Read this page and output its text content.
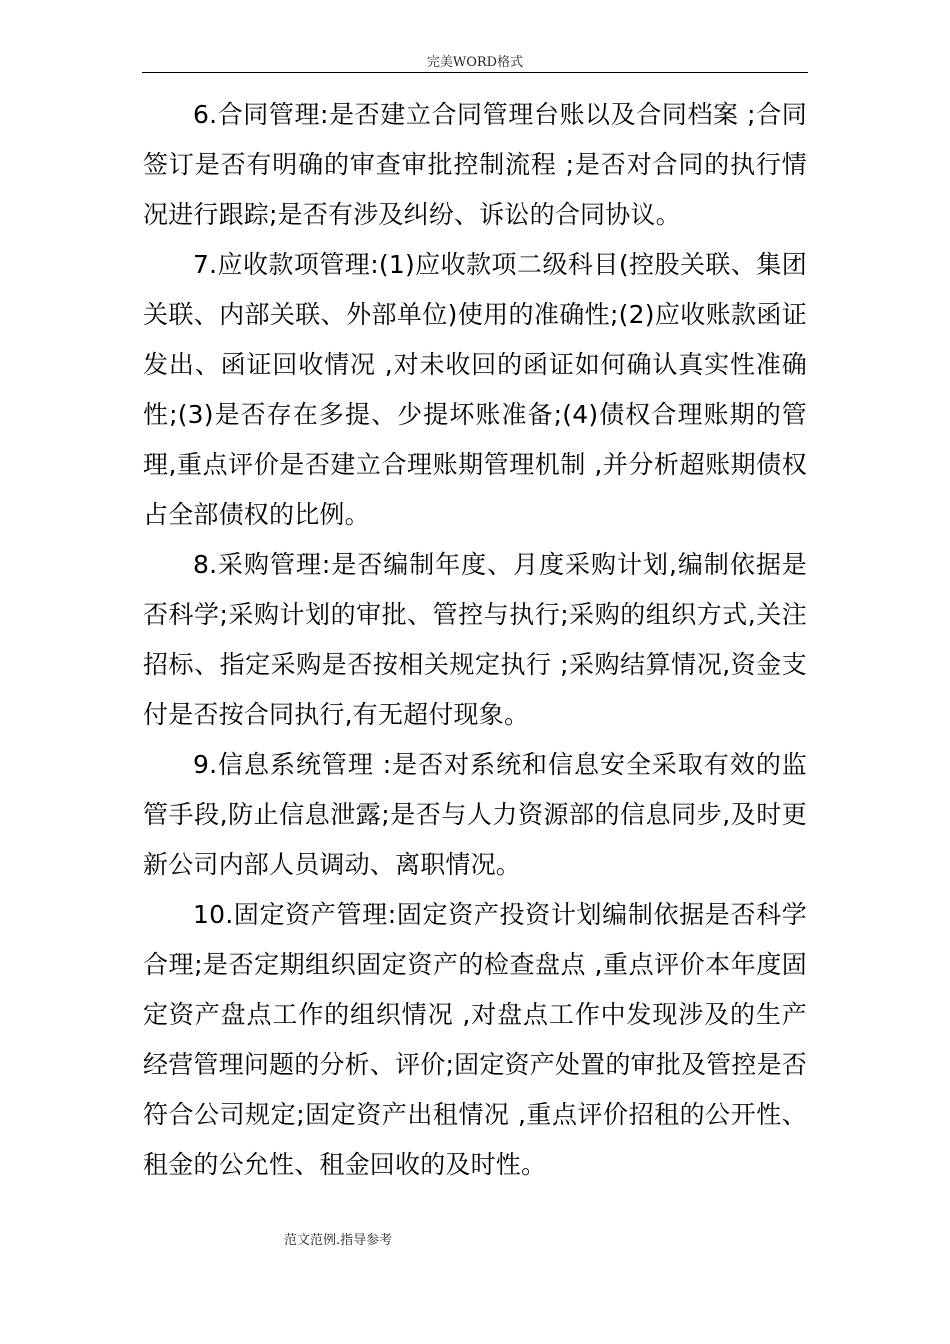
完美WORD格式

6.合同管理:是否建立合同管理台账以及合同档案 ;合同签订是否有明确的审查审批控制流程 ;是否对合同的执行情况进行跟踪;是否有涉及纠纷、诉讼的合同协议。

7.应收款项管理:(1)应收款项二级科目(控股关联、集团关联、内部关联、外部单位)使用的准确性;(2)应收账款函证发出、函证回收情况 ,对未收回的函证如何确认真实性准确性;(3)是否存在多提、少提坏账准备;(4)债权合理账期的管理,重点评价是否建立合理账期管理机制 ,并分析超账期债权占全部债权的比例。

8.采购管理:是否编制年度、月度采购计划,编制依据是否科学;采购计划的审批、管控与执行;采购的组织方式,关注招标、指定采购是否按相关规定执行 ;采购结算情况,资金支付是否按合同执行,有无超付现象。

9.信息系统管理 :是否对系统和信息安全采取有效的监管手段,防止信息泄露;是否与人力资源部的信息同步,及时更新公司内部人员调动、离职情况。

10.固定资产管理:固定资产投资计划编制依据是否科学合理;是否定期组织固定资产的检查盘点 ,重点评价本年度固定资产盘点工作的组织情况 ,对盘点工作中发现涉及的生产经营管理问题的分析、评价;固定资产处置的审批及管控是否符合公司规定;固定资产出租情况 ,重点评价招租的公开性、租金的公允性、租金回收的及时性。

范文范例.指导参考
